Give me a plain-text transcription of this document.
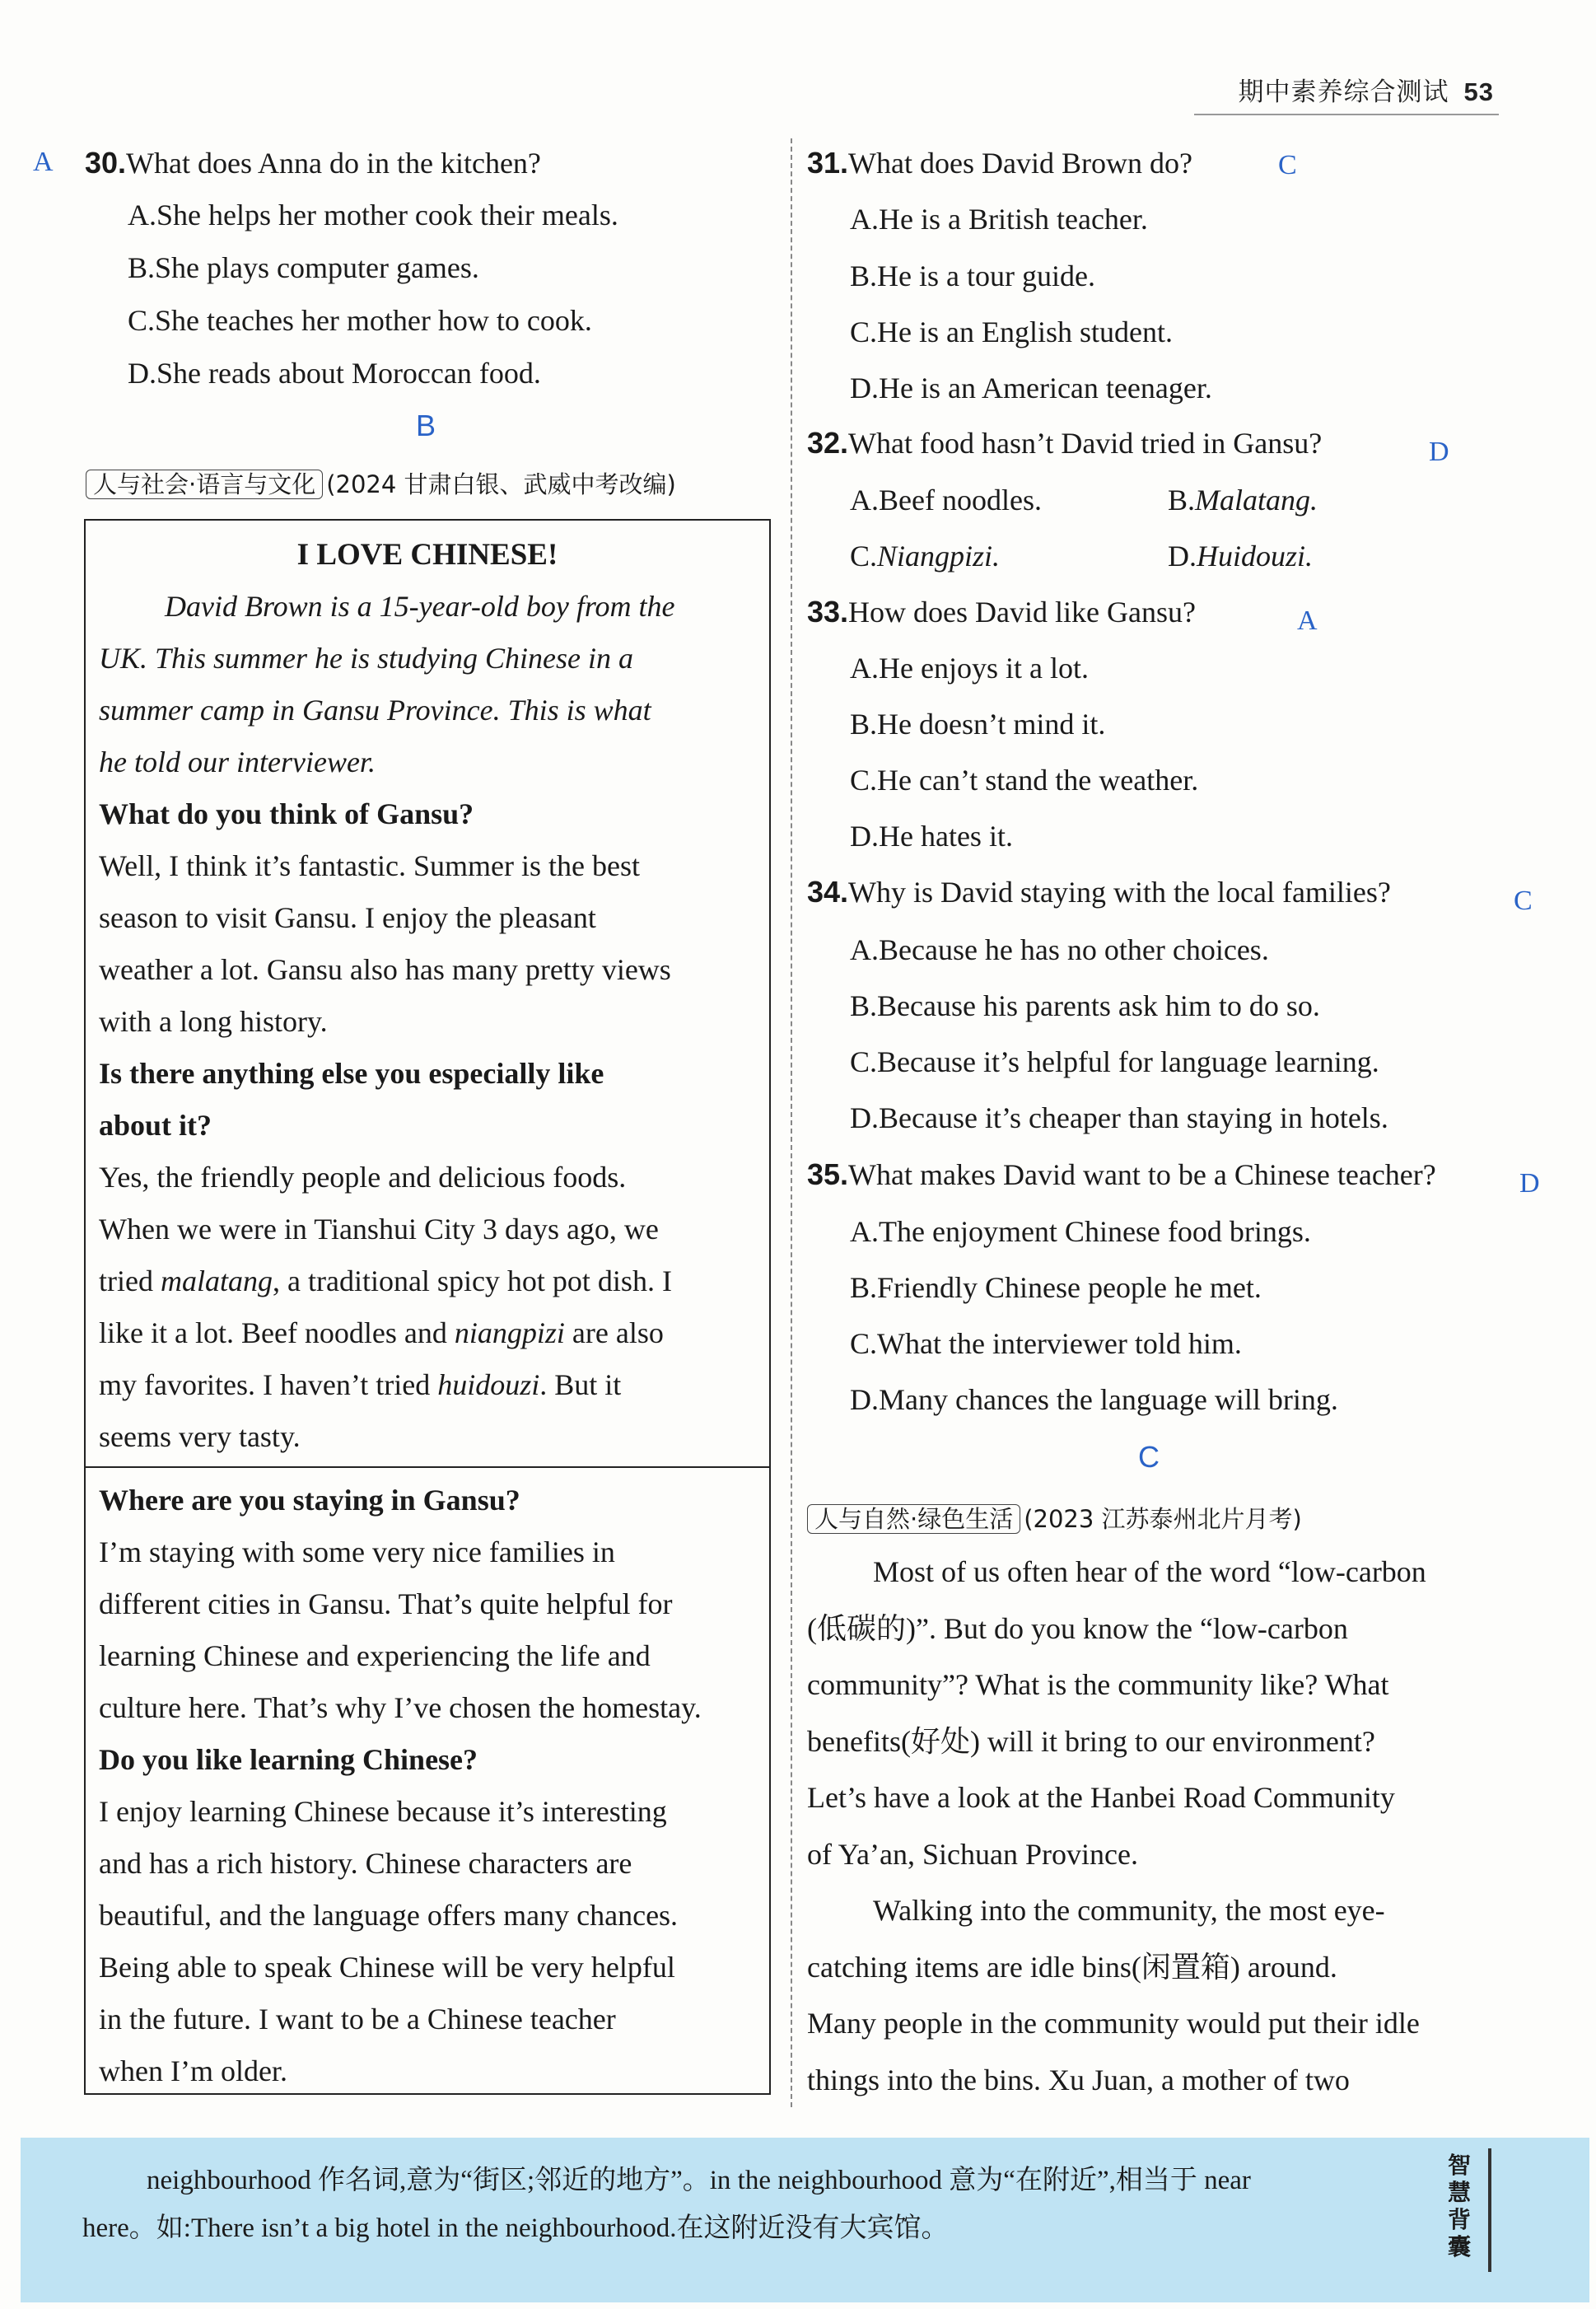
期中素养综合测试 53
A 30.What does Anna do in the kitchen?
A.She helps her mother cook their meals.
B.She plays computer games.
C.She teaches her mother how to cook.
D.She reads about Moroccan food.
B
人与社会·语言与文化 (2024 甘肃白银、武威中考改编)
I LOVE CHINESE!
David Brown is a 15-year-old boy from the
UK. This summer he is studying Chinese in a
summer camp in Gansu Province. This is what
he told our interviewer.
What do you think of Gansu?
Well, I think it’s fantastic. Summer is the best
season to visit Gansu. I enjoy the pleasant
weather a lot. Gansu also has many pretty views
with a long history.
Is there anything else you especially like
about it?
Yes, the friendly people and delicious foods.
When we were in Tianshui City 3 days ago, we
tried malatang, a traditional spicy hot pot dish. I
like it a lot. Beef noodles and niangpizi are also
my favorites. I haven’t tried huidouzi. But it
seems very tasty.
Where are you staying in Gansu?
I’m staying with some very nice families in
different cities in Gansu. That’s quite helpful for
learning Chinese and experiencing the life and
culture here. That’s why I’ve chosen the homestay.
Do you like learning Chinese?
I enjoy learning Chinese because it’s interesting
and has a rich history. Chinese characters are
beautiful, and the language offers many chances.
Being able to speak Chinese will be very helpful
in the future. I want to be a Chinese teacher
when I’m older.
31.What does David Brown do?	C
A.He is a British teacher.
B.He is a tour guide.
C.He is an English student.
D.He is an American teenager.
32.What food hasn’t David tried in Gansu?	D
A.Beef noodles.	B.Malatang.
C.Niangpizi.	D.Huidouzi.
33.How does David like Gansu?	A
A.He enjoys it a lot.
B.He doesn’t mind it.
C.He can’t stand the weather.
D.He hates it.
34.Why is David staying with the local families?	C
A.Because he has no other choices.
B.Because his parents ask him to do so.
C.Because it’s helpful for language learning.
D.Because it’s cheaper than staying in hotels.
35.What makes David want to be a Chinese teacher?	D
A.The enjoyment Chinese food brings.
B.Friendly Chinese people he met.
C.What the interviewer told him.
D.Many chances the language will bring.
C
人与自然·绿色生活 (2023 江苏泰州北片月考)
Most of us often hear of the word “low-carbon
(低碳的)”. But do you know the “low-carbon
community”? What is the community like? What
benefits(好处) will it bring to our environment?
Let’s have a look at the Hanbei Road Community
of Ya’an, Sichuan Province.
Walking into the community, the most eye-
catching items are idle bins(闲置箱) around.
Many people in the community would put their idle
things into the bins. Xu Juan, a mother of two
neighbourhood 作名词,意为“街区;邻近的地方”。in the neighbourhood 意为“在附近”,相当于 near
here。如:There isn’t a big hotel in the neighbourhood.在这附近没有大宾馆。
智慧背囊
